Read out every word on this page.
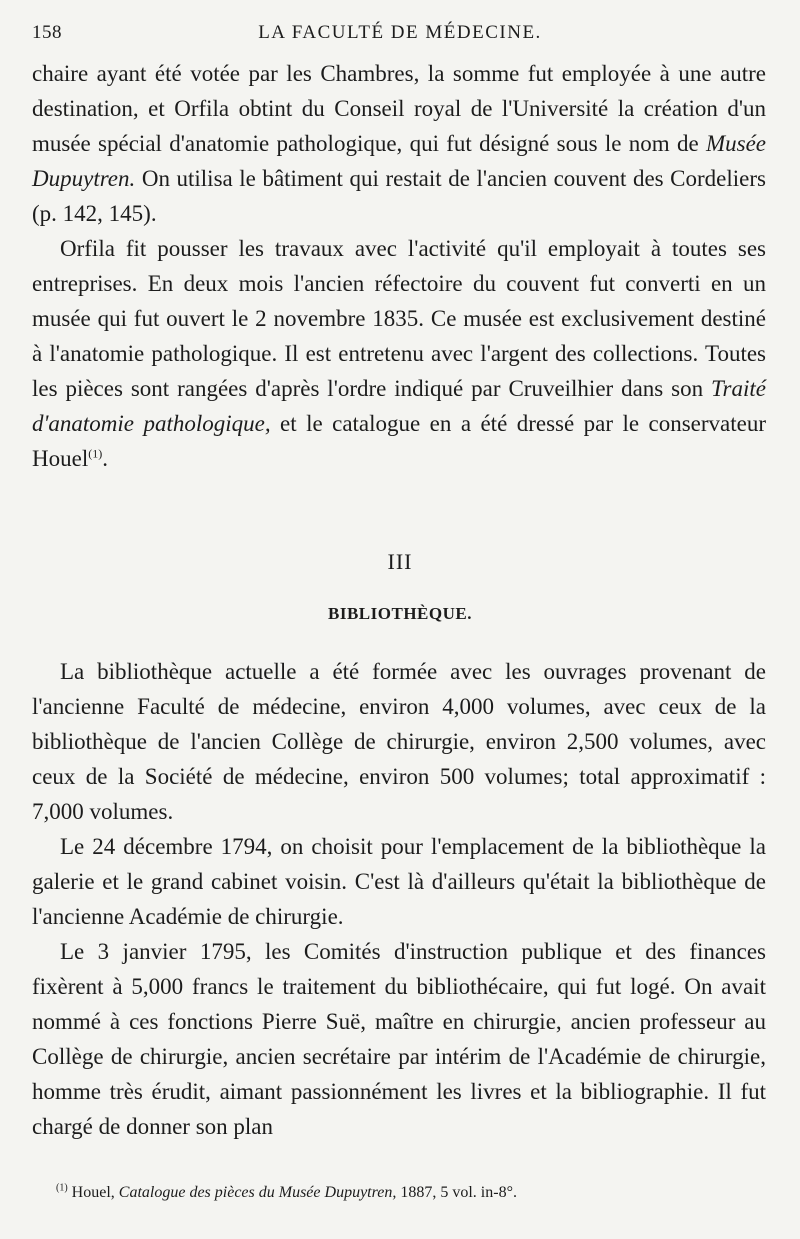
158	LA FACULTÉ DE MÉDECINE.

chaire ayant été votée par les Chambres, la somme fut employée à une autre destination, et Orfila obtint du Conseil royal de l'Université la création d'un musée spécial d'anatomie pathologique, qui fut désigné sous le nom de Musée Dupuytren. On utilisa le bâtiment qui restait de l'ancien couvent des Cordeliers (p. 142, 145).

Orfila fit pousser les travaux avec l'activité qu'il employait à toutes ses entreprises. En deux mois l'ancien réfectoire du couvent fut converti en un musée qui fut ouvert le 2 novembre 1835. Ce musée est exclusivement destiné à l'anatomie pathologique. Il est entretenu avec l'argent des collections. Toutes les pièces sont rangées d'après l'ordre indiqué par Cruveilhier dans son Traité d'anatomie pathologique, et le catalogue en a été dressé par le conservateur Houel$^{(1)}$.

III
BIBLIOTHÈQUE.

La bibliothèque actuelle a été formée avec les ouvrages provenant de l'ancienne Faculté de médecine, environ 4,000 volumes, avec ceux de la bibliothèque de l'ancien Collège de chirurgie, environ 2,500 volumes, avec ceux de la Société de médecine, environ 500 volumes; total approximatif : 7,000 volumes.

Le 24 décembre 1794, on choisit pour l'emplacement de la bibliothèque la galerie et le grand cabinet voisin. C'est là d'ailleurs qu'était la bibliothèque de l'ancienne Académie de chirurgie.

Le 3 janvier 1795, les Comités d'instruction publique et des finances fixèrent à 5,000 francs le traitement du bibliothécaire, qui fut logé. On avait nommé à ces fonctions Pierre Suë, maître en chirurgie, ancien professeur au Collège de chirurgie, ancien secrétaire par intérim de l'Académie de chirurgie, homme très érudit, aimant passionnément les livres et la bibliographie. Il fut chargé de donner son plan

$^{(1)}$ Houel, Catalogue des pièces du Musée Dupuytren, 1887, 5 vol. in-8°.
